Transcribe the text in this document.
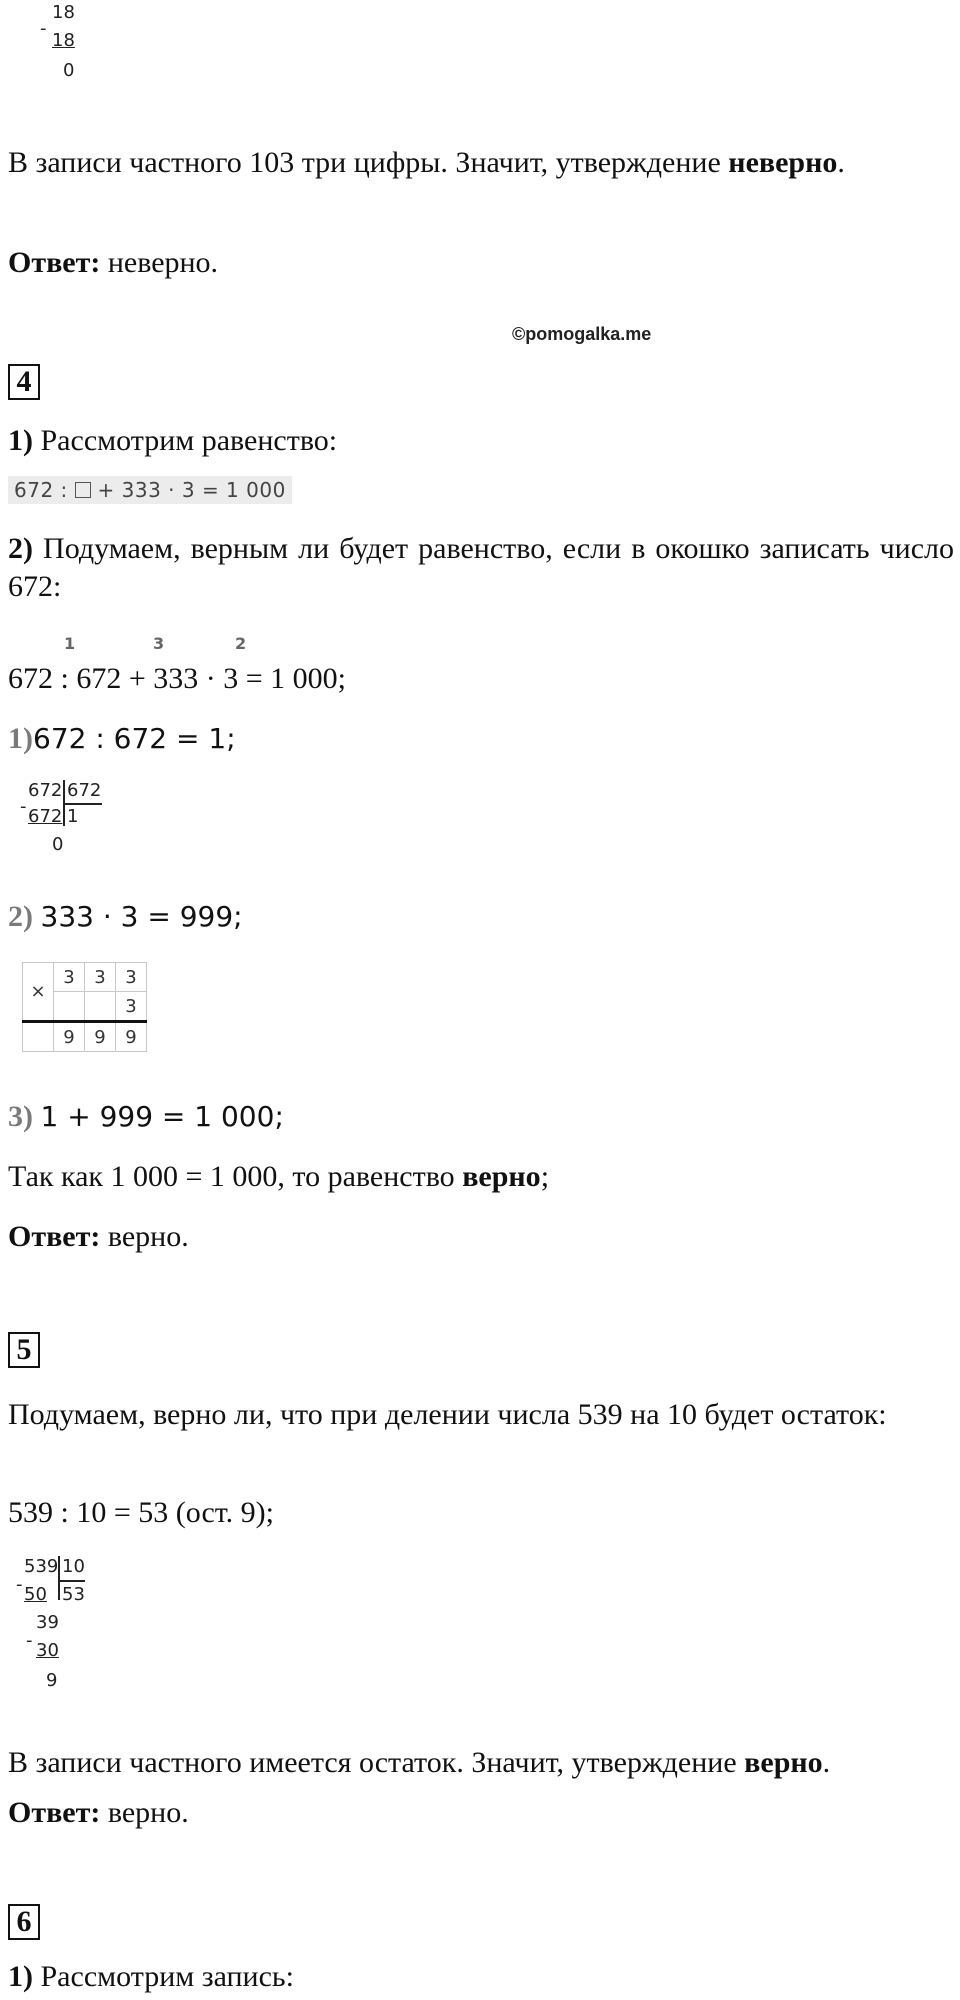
18
-
18
0
В записи частного 103 три цифры. Значит, утверждение неверно.
Ответ: неверно.
©pomogalka.me
4
1) Рассмотрим равенство:
672 :  + 333 · 3 = 1 000
2) Подумаем, верным ли будет равенство, если в окошко записать число 672:
1	3	2
672 : 672 + 333 · 3 = 1 000;
1)672 : 672 = 1;
672 672
- 672 1
0
2) 333 · 3 = 999;
×	3	3	3
			3
	9	9	9
3) 1 + 999 = 1 000;
Так как 1 000 = 1 000, то равенство верно;
Ответ: верно.
5
Подумаем, верно ли, что при делении числа 539 на 10 будет остаток:
539 : 10 = 53 (ост. 9);
539 10
- 50 53
39
- 30
9
В записи частного имеется остаток. Значит, утверждение верно.
Ответ: верно.
6
1) Рассмотрим запись:
